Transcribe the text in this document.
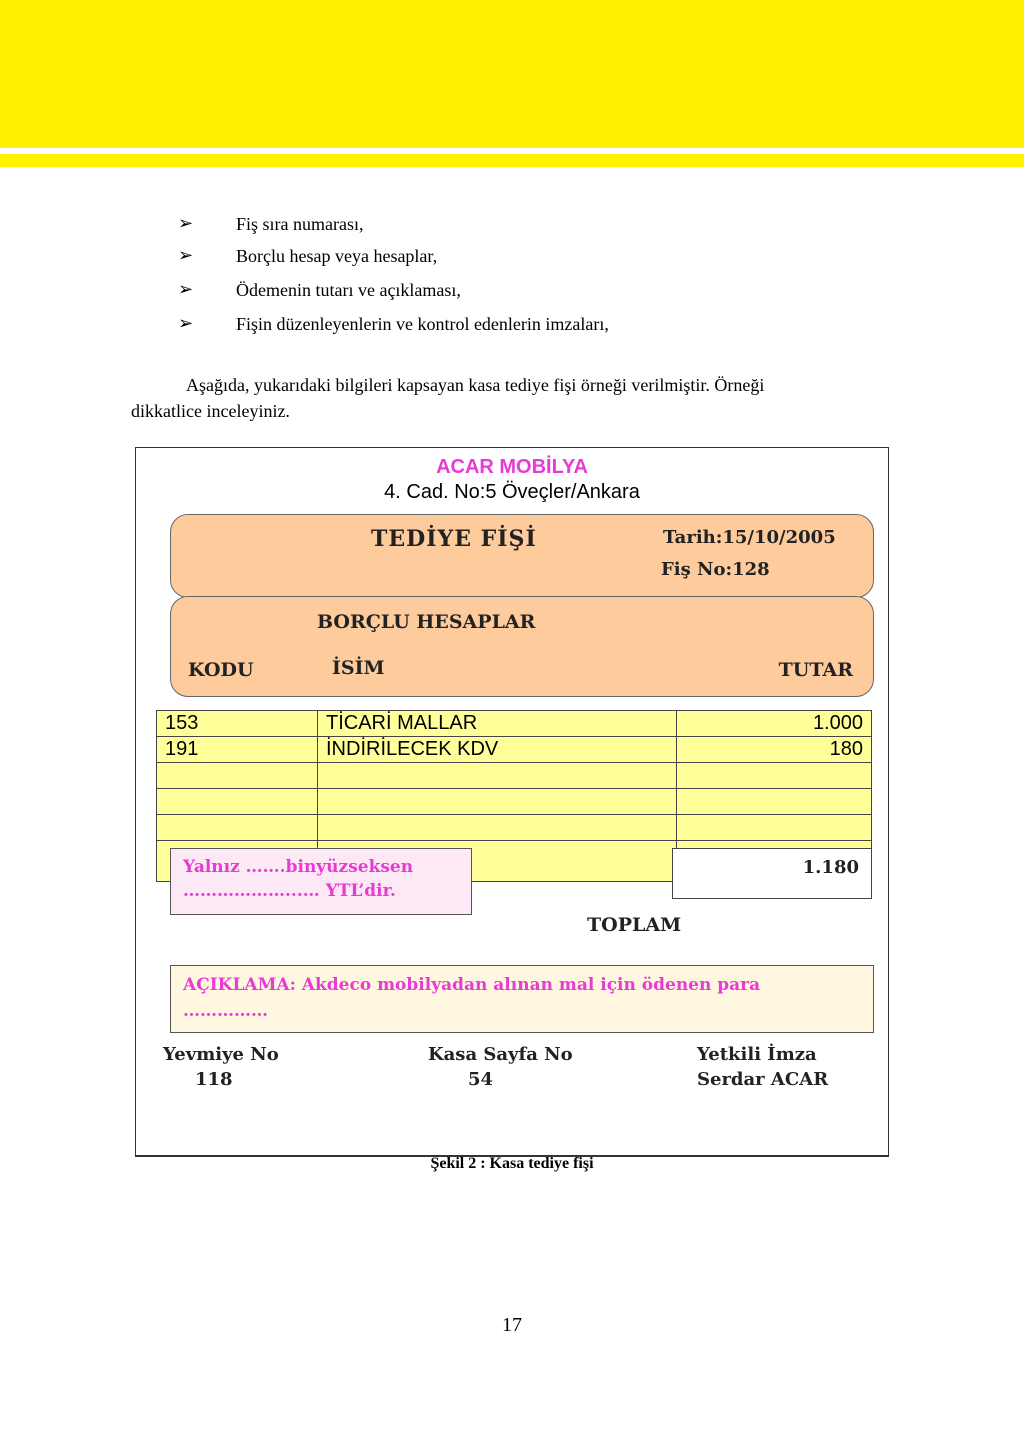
➢	Fiş sıra numarası,
➢	Borçlu hesap veya hesaplar,
➢	Ödemenin tutarı ve açıklaması,
➢	Fişin düzenleyenlerin ve kontrol edenlerin imzaları,

Aşağıda, yukarıdaki bilgileri kapsayan kasa tediye fişi örneği verilmiştir. Örneği
dikkatlice inceleyiniz.

ACAR MOBİLYA
4. Cad. No:5 Öveçler/Ankara
TEDİYE FİŞİ	Tarih:15/10/2005
Fiş No:128
BORÇLU HESAPLAR
KODU	İSİM	TUTAR
153	TİCARİ MALLAR	1.000
191	İNDİRİLECEK KDV	180

Yalnız …….binyüzseksen
………………...… YTL’dir.
1.180
TOPLAM
AÇIKLAMA: Akdeco mobilyadan alınan mal için ödenen para
……………
Yevmiye No
118
Kasa Sayfa No
54
Yetkili İmza
Serdar ACAR
Şekil 2 : Kasa tediye fişi
17
